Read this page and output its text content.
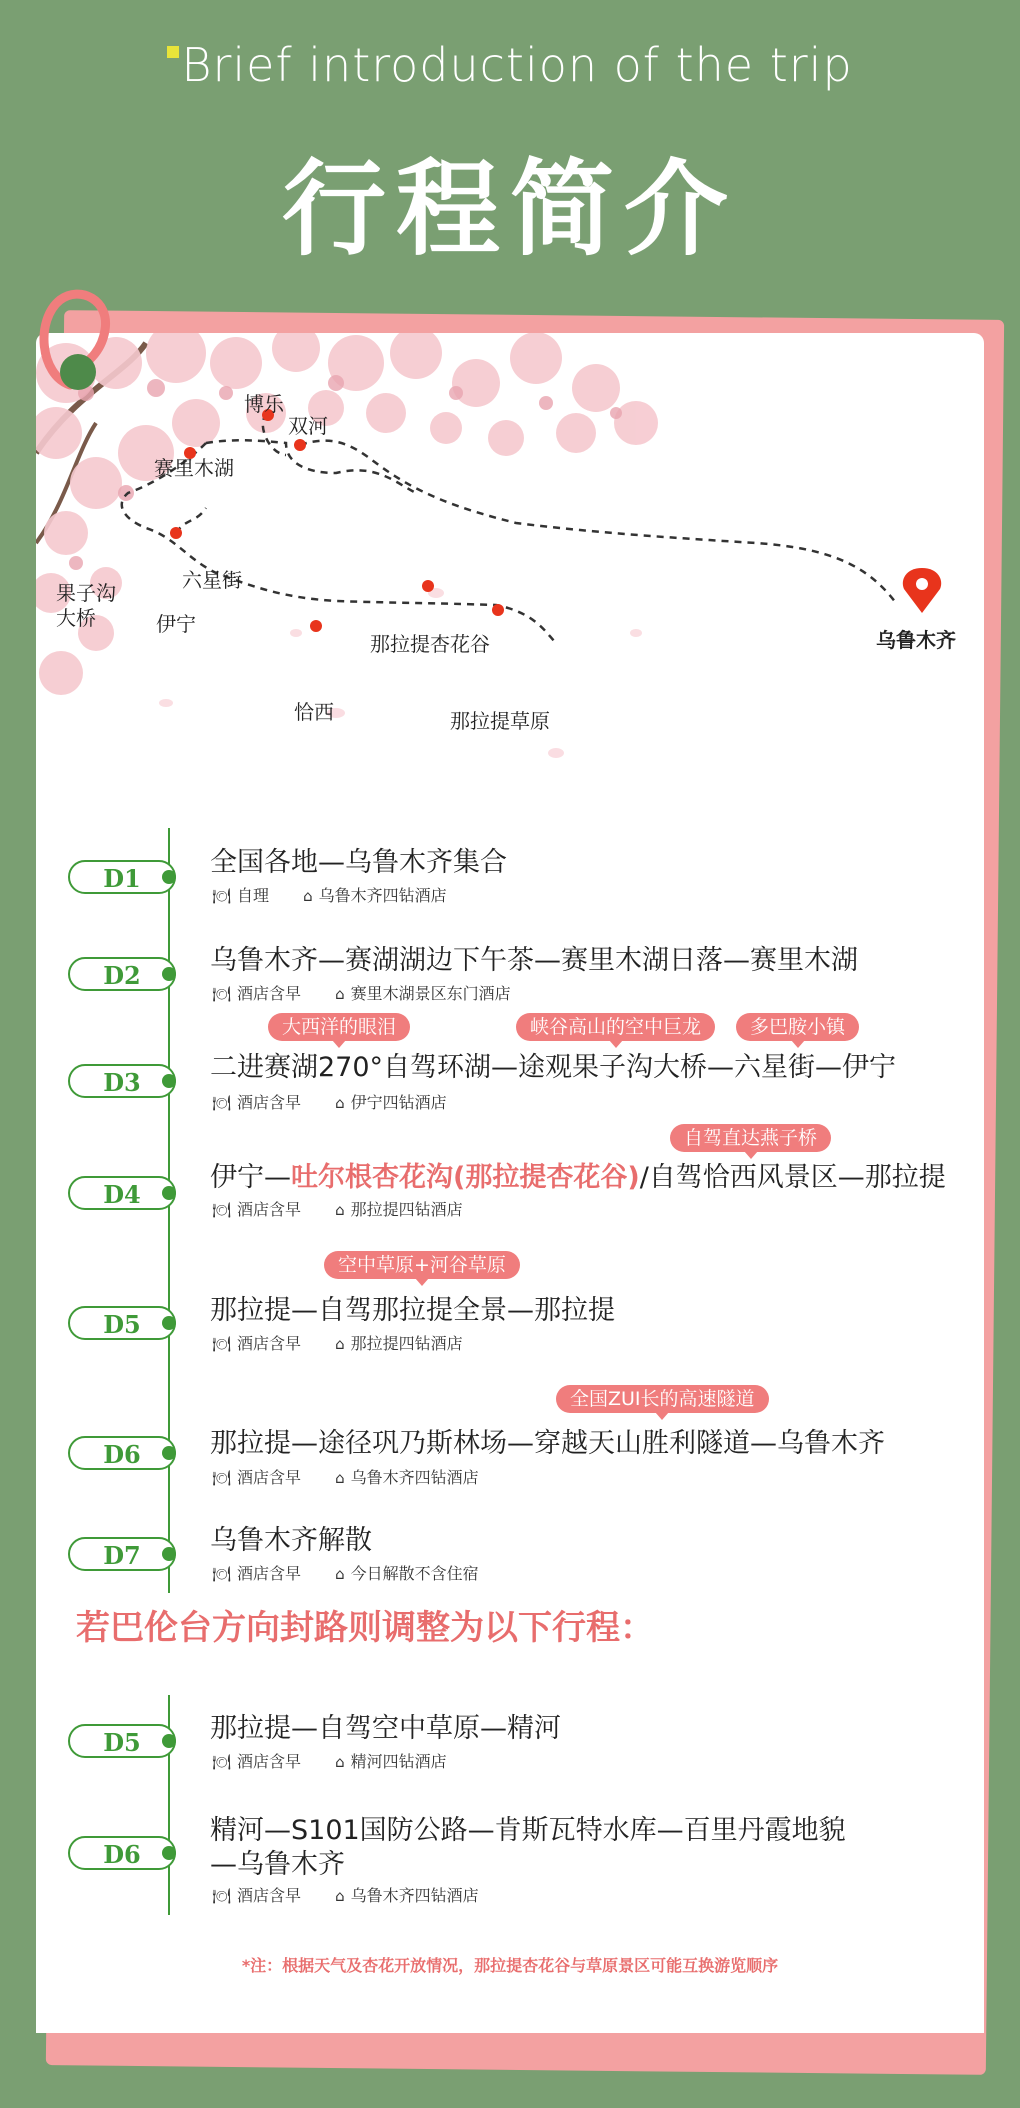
Brief introduction of the trip
行程简介
博乐
双河
赛里木湖
果子沟
大桥
六星街
伊宁
那拉提杏花谷
恰西	那拉提草原
乌鲁木齐
D1
全国各地—乌鲁木齐集合
🍽 自理 ⌂ 乌鲁木齐四钻酒店
D2	乌鲁木齐—赛湖湖边下午茶—赛里木湖日落—赛里木湖
🍽 酒店含早 ⌂ 赛里木湖景区东门酒店
大西洋的眼泪	峡谷高山的空中巨龙	多巴胺小镇
D3	二进赛湖270°自驾环湖—途观果子沟大桥—六星街—伊宁
🍽 酒店含早 ⌂ 伊宁四钻酒店
自驾直达燕子桥
D4
伊宁—吐尔根杏花沟(那拉提杏花谷)/自驾恰西风景区—那拉提
🍽 酒店含早 ⌂ 那拉提四钻酒店
空中草原+河谷草原
D5	那拉提—自驾那拉提全景—那拉提
🍽 酒店含早 ⌂ 那拉提四钻酒店
全国ZUI长的高速隧道
D6	那拉提—途径巩乃斯林场—穿越天山胜利隧道—乌鲁木齐
🍽 酒店含早 ⌂ 乌鲁木齐四钻酒店
D7	乌鲁木齐解散
🍽 酒店含早 ⌂ 今日解散不含住宿
若巴伦台方向封路则调整为以下行程：
D5	那拉提—自驾空中草原—精河
🍽 酒店含早 ⌂ 精河四钻酒店
D6
精河—S101国防公路—肯斯瓦特水库—百里丹霞地貌
—乌鲁木齐
🍽 酒店含早 ⌂ 乌鲁木齐四钻酒店
*注：根据天气及杏花开放情况，那拉提杏花谷与草原景区可能互换游览顺序
